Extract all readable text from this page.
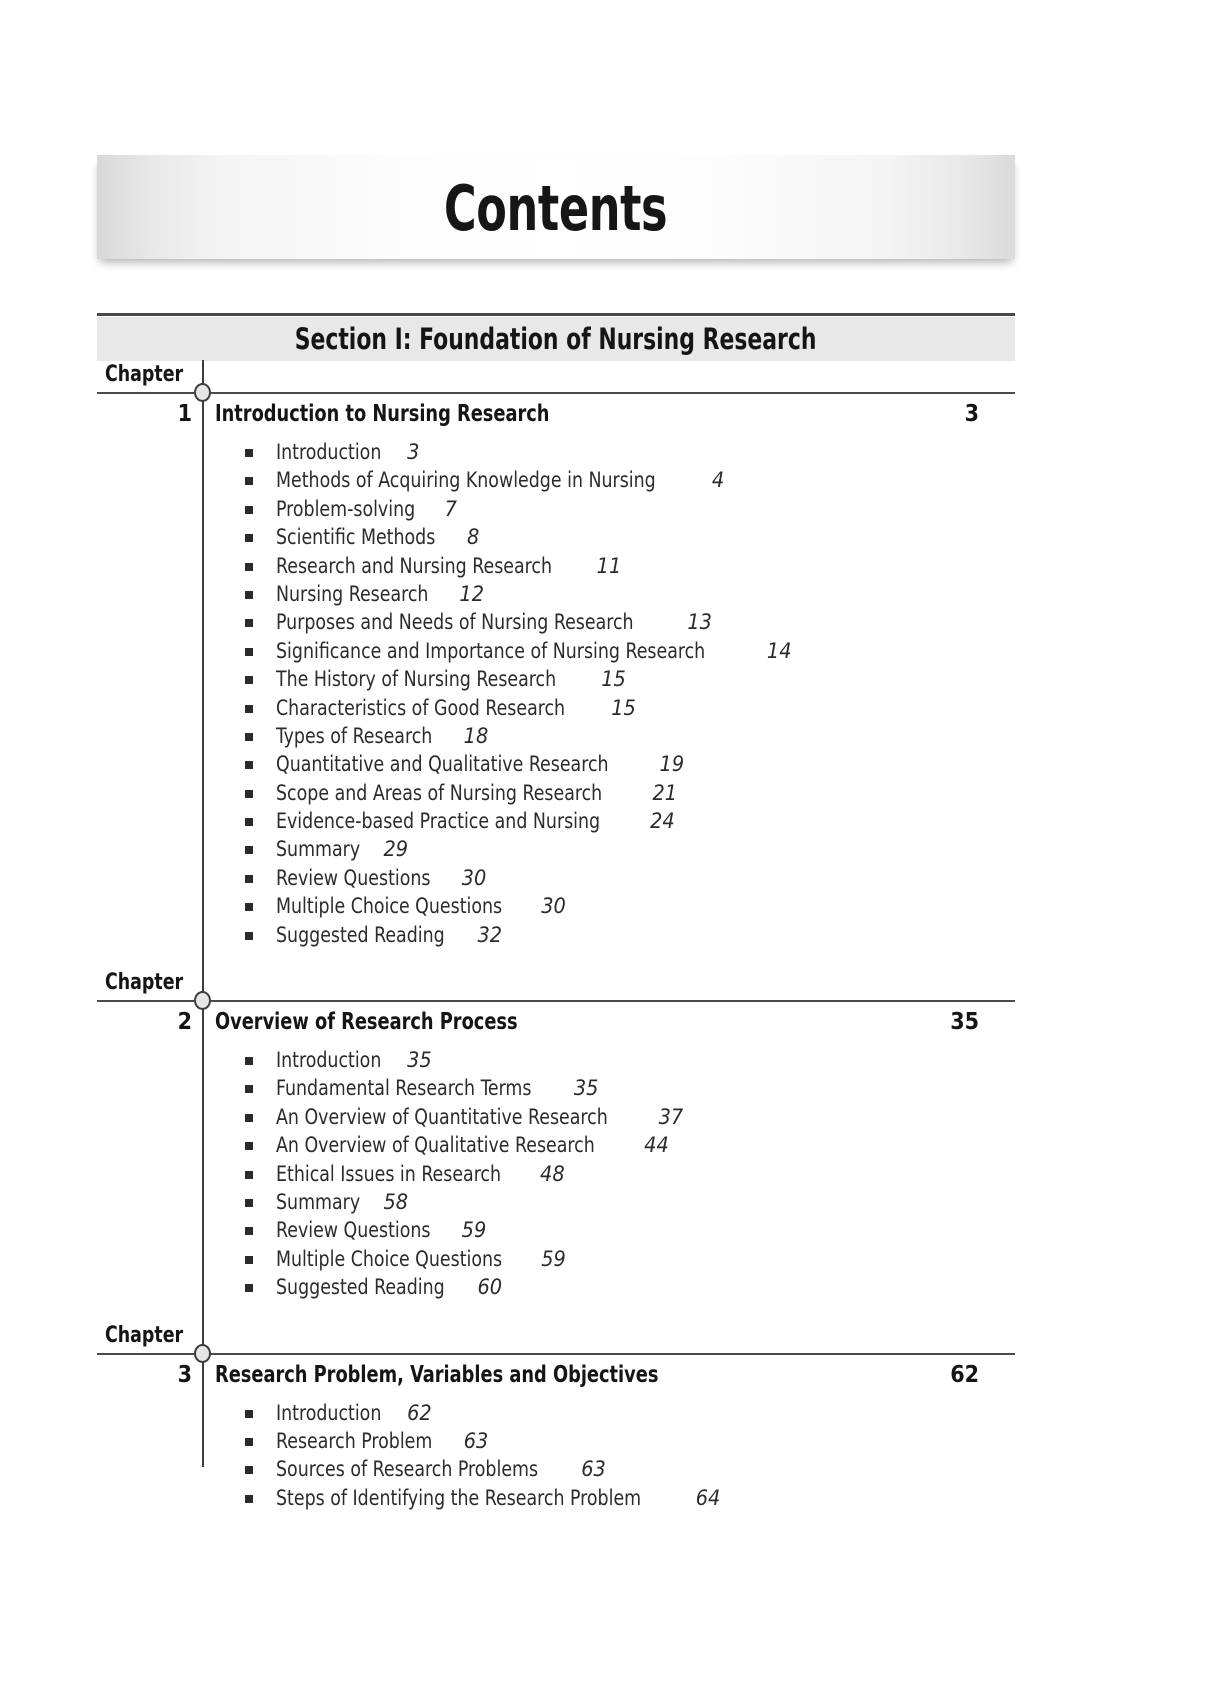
Contents
Section I: Foundation of Nursing Research
Chapter
1 Introduction to Nursing Research	3
Introduction 3
Methods of Acquiring Knowledge in Nursing	4
Problem-solving 7
Scientific Methods 8
Research and Nursing Research 11
Nursing Research 12
Purposes and Needs of Nursing Research 13
Significance and Importance of Nursing Research	14
The History of Nursing Research 15
Characteristics of Good Research 15
Types of Research 18
Quantitative and Qualitative Research 19
Scope and Areas of Nursing Research 21
Evidence-based Practice and Nursing 24
Summary 29
Review Questions 30
Multiple Choice Questions 30
Suggested Reading 32
Chapter
2 Overview of Research Process	35
Introduction 35
Fundamental Research Terms 35
An Overview of Quantitative Research 37
An Overview of Qualitative Research 44
Ethical Issues in Research 48
Summary 58
Review Questions 59
Multiple Choice Questions 59
Suggested Reading 60
Chapter
3 Research Problem, Variables and Objectives	62
Introduction 62
Research Problem 63
Sources of Research Problems 63
Steps of Identifying the Research Problem	64
